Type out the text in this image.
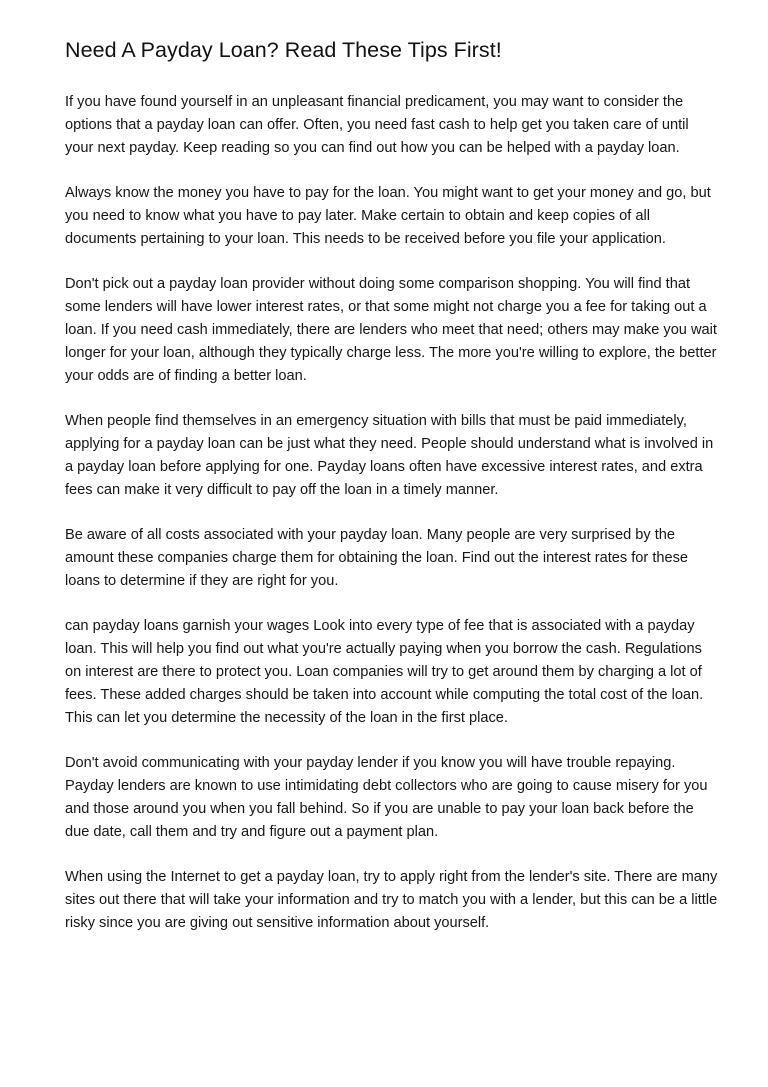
Need A Payday Loan? Read These Tips First!

If you have found yourself in an unpleasant financial predicament, you may want to consider the options that a payday loan can offer. Often, you need fast cash to help get you taken care of until your next payday. Keep reading so you can find out how you can be helped with a payday loan.

Always know the money you have to pay for the loan. You might want to get your money and go, but you need to know what you have to pay later. Make certain to obtain and keep copies of all documents pertaining to your loan. This needs to be received before you file your application.

Don't pick out a payday loan provider without doing some comparison shopping. You will find that some lenders will have lower interest rates, or that some might not charge you a fee for taking out a loan. If you need cash immediately, there are lenders who meet that need; others may make you wait longer for your loan, although they typically charge less. The more you're willing to explore, the better your odds are of finding a better loan.

When people find themselves in an emergency situation with bills that must be paid immediately, applying for a payday loan can be just what they need. People should understand what is involved in a payday loan before applying for one. Payday loans often have excessive interest rates, and extra fees can make it very difficult to pay off the loan in a timely manner.

Be aware of all costs associated with your payday loan. Many people are very surprised by the amount these companies charge them for obtaining the loan. Find out the interest rates for these loans to determine if they are right for you.

can payday loans garnish your wages Look into every type of fee that is associated with a payday loan. This will help you find out what you're actually paying when you borrow the cash. Regulations on interest are there to protect you. Loan companies will try to get around them by charging a lot of fees. These added charges should be taken into account while computing the total cost of the loan. This can let you determine the necessity of the loan in the first place.

Don't avoid communicating with your payday lender if you know you will have trouble repaying. Payday lenders are known to use intimidating debt collectors who are going to cause misery for you and those around you when you fall behind. So if you are unable to pay your loan back before the due date, call them and try and figure out a payment plan.

When using the Internet to get a payday loan, try to apply right from the lender's site. There are many sites out there that will take your information and try to match you with a lender, but this can be a little risky since you are giving out sensitive information about yourself.
